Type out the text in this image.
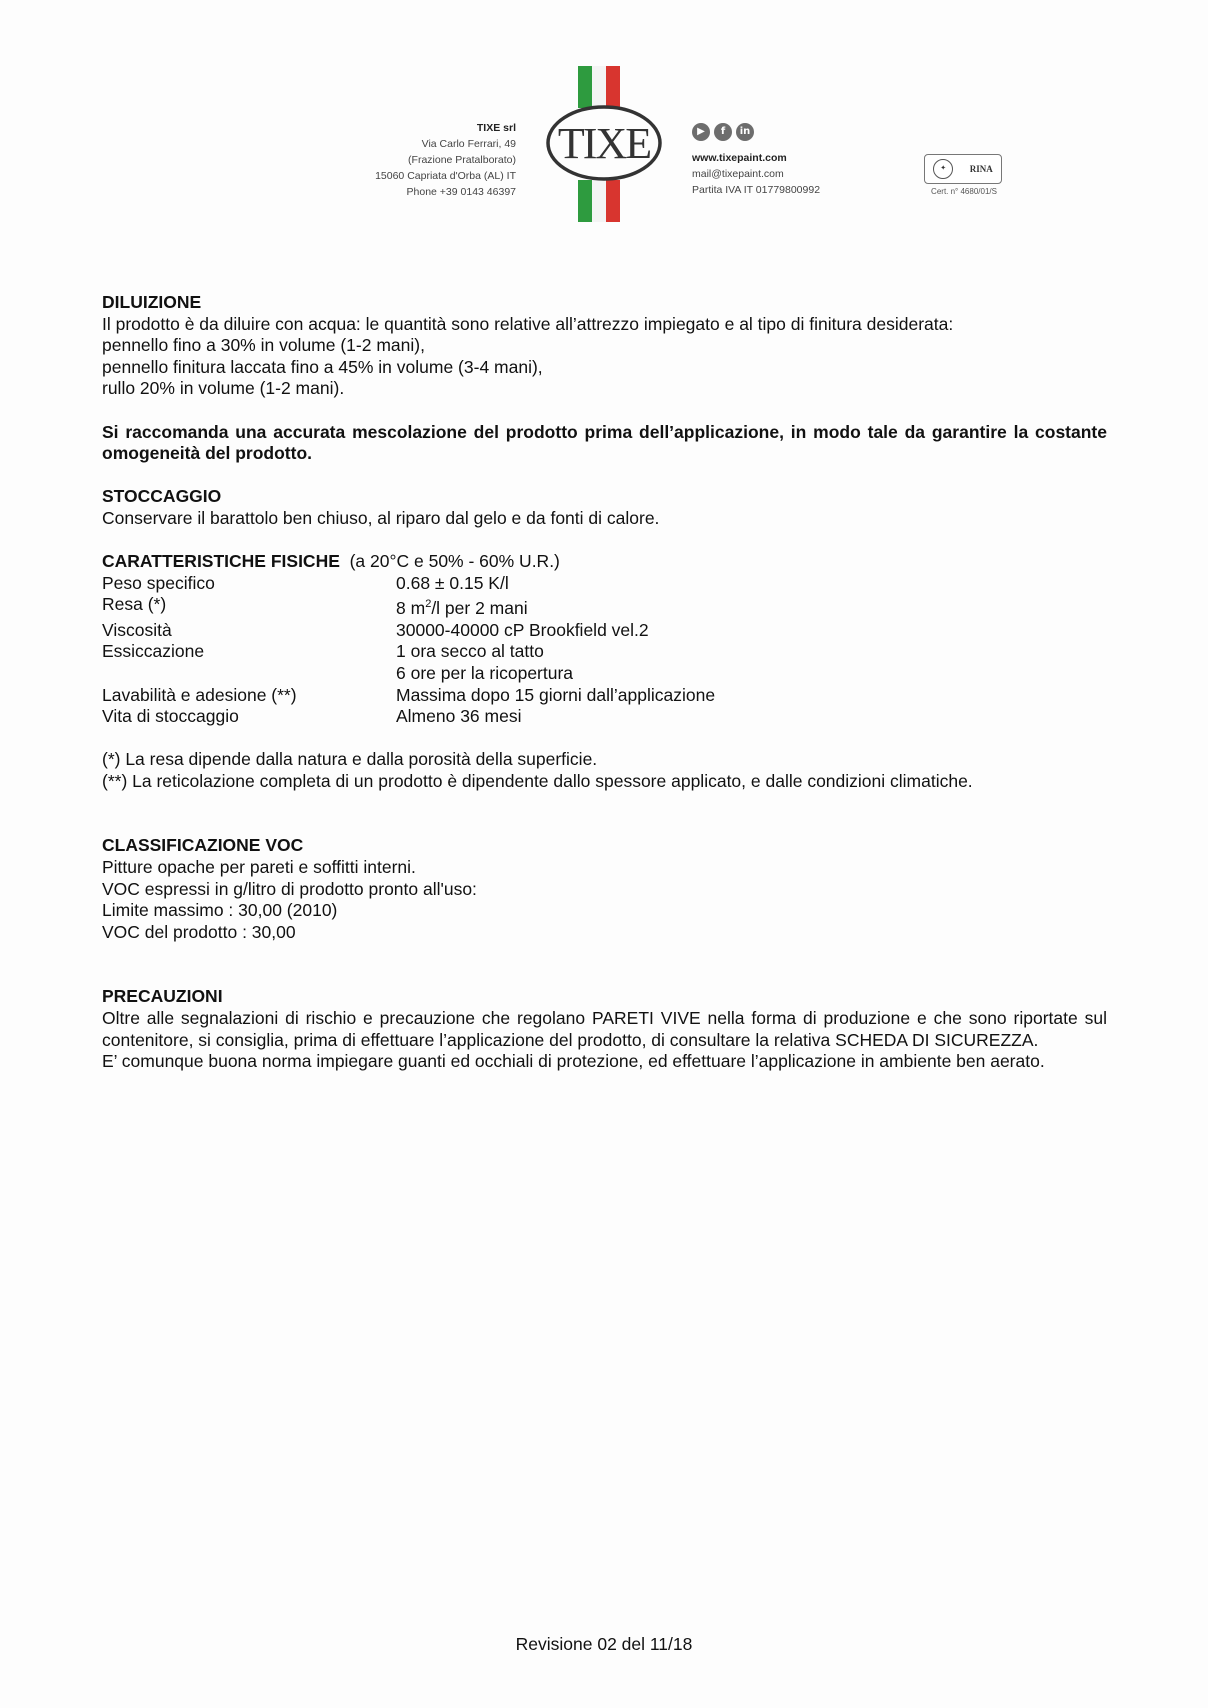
TIXE srl
Via Carlo Ferrari, 49
(Frazione Pratalborato)
15060 Capriata d'Orba (AL) IT
Phone +39 0143 46397
TIXE	▶	f	in
www.tixepaint.com
mail@tixepaint.com
Partita IVA IT 01779800992
✦	RINA
Cert. n° 4680/01/S

DILUIZIONE

Il prodotto è da diluire con acqua: le quantità sono relative all’attrezzo impiegato e al tipo di finitura desiderata:

pennello fino a 30% in volume (1-2 mani),

pennello finitura laccata fino a 45% in volume (3-4 mani),

rullo 20% in volume (1-2 mani).

Si raccomanda una accurata mescolazione del prodotto prima dell’applicazione, in modo tale da garantire la costante omogeneità del prodotto.

STOCCAGGIO

Conservare il barattolo ben chiuso, al riparo dal gelo e da fonti di calore.

CARATTERISTICHE FISICHE (a 20°C e 50% - 60% U.R.)

Peso specifico	0.68 ± 0.15 K/l
Resa (*)	8 $m^2/l$ per 2 mani
Viscosità	30000-40000 cP Brookfield vel.2
Essiccazione	1 ora secco al tatto
6 ore per la ricopertura
Lavabilità e adesione (**)	Massima dopo 15 giorni dall’applicazione
Vita di stoccaggio	Almeno 36 mesi

(*) La resa dipende dalla natura e dalla porosità della superficie.

(**) La reticolazione completa di un prodotto è dipendente dallo spessore applicato, e dalle condizioni climatiche.

CLASSIFICAZIONE VOC

Pitture opache per pareti e soffitti interni.

VOC espressi in g/litro di prodotto pronto all'uso:

Limite massimo : 30,00 (2010)

VOC del prodotto : 30,00

PRECAUZIONI

Oltre alle segnalazioni di rischio e precauzione che regolano PARETI VIVE nella forma di produzione e che sono riportate sul contenitore, si consiglia, prima di effettuare l’applicazione del prodotto, di consultare la relativa SCHEDA DI SICUREZZA.

E’ comunque buona norma impiegare guanti ed occhiali di protezione, ed effettuare l’applicazione in ambiente ben aerato.

Revisione 02 del 11/18
